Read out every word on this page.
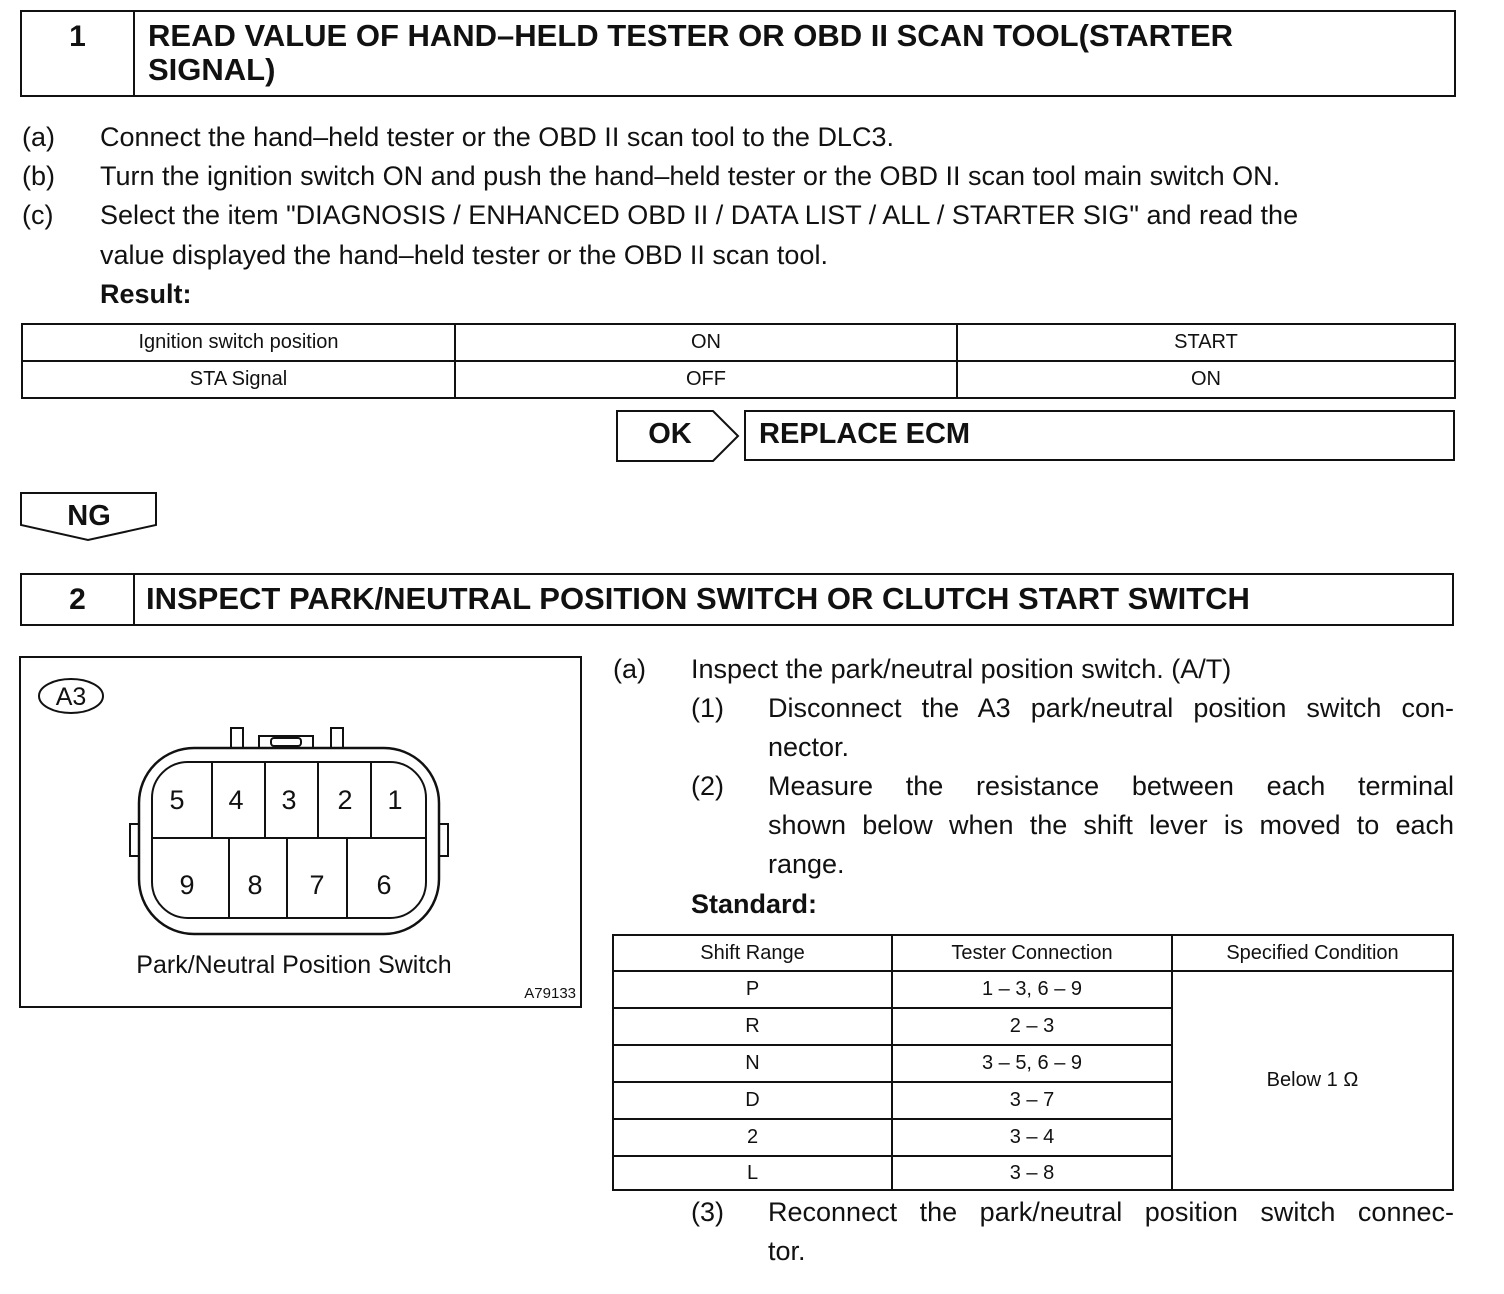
1	READ VALUE OF HAND–HELD TESTER OR OBD II SCAN TOOL(STARTER
SIGNAL)
(a) Connect the hand–held tester or the OBD II scan tool to the DLC3.
(b) Turn the ignition switch ON and push the hand–held tester or the OBD II scan tool main switch ON.
(c) Select the item "DIAGNOSIS / ENHANCED OBD II / DATA LIST / ALL / STARTER SIG" and read the
value displayed the hand–held tester or the OBD II scan tool.
Result:
Ignition switch position	ON	START
STA Signal	OFF	ON
OK	REPLACE ECM
NG
2	INSPECT PARK/NEUTRAL POSITION SWITCH OR CLUTCH START SWITCH
A3
5	4	3	2	1
9	8	7	6
Park/Neutral Position Switch
A79133
(a) Inspect the park/neutral position switch. (A/T)
(1) Disconnect the A3 park/neutral position switch con-
nector.
(2) Measure the resistance between each terminal
shown below when the shift lever is moved to each
range.
Standard:
Shift Range	Tester Connection	Specified Condition
P	1 – 3, 6 – 9	Below 1 Ω
R	2 – 3	
N	3 – 5, 6 – 9	
D	3 – 7	
2	3 – 4	
L	3 – 8	
(3) Reconnect the park/neutral position switch connec-
tor.
